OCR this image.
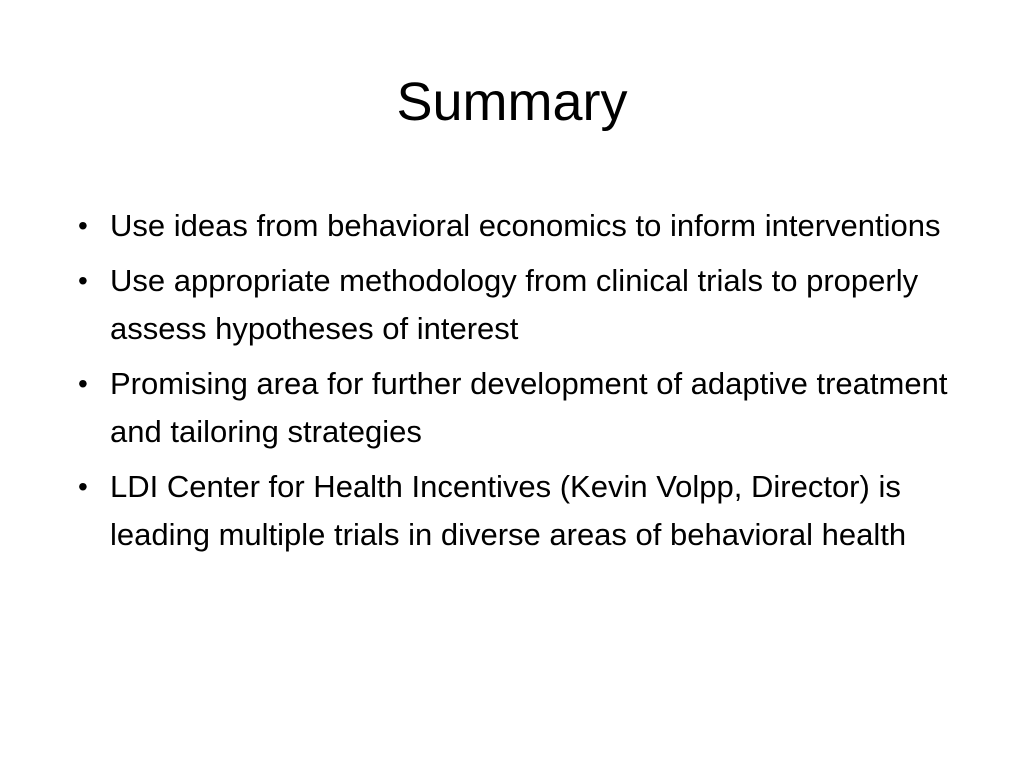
Summary
• Use ideas from behavioral economics to inform interventions
• Use appropriate methodology from clinical trials to properly assess hypotheses of interest
• Promising area for further development of adaptive treatment and tailoring strategies
• LDI Center for Health Incentives (Kevin Volpp, Director) is leading multiple trials in diverse areas of behavioral health
